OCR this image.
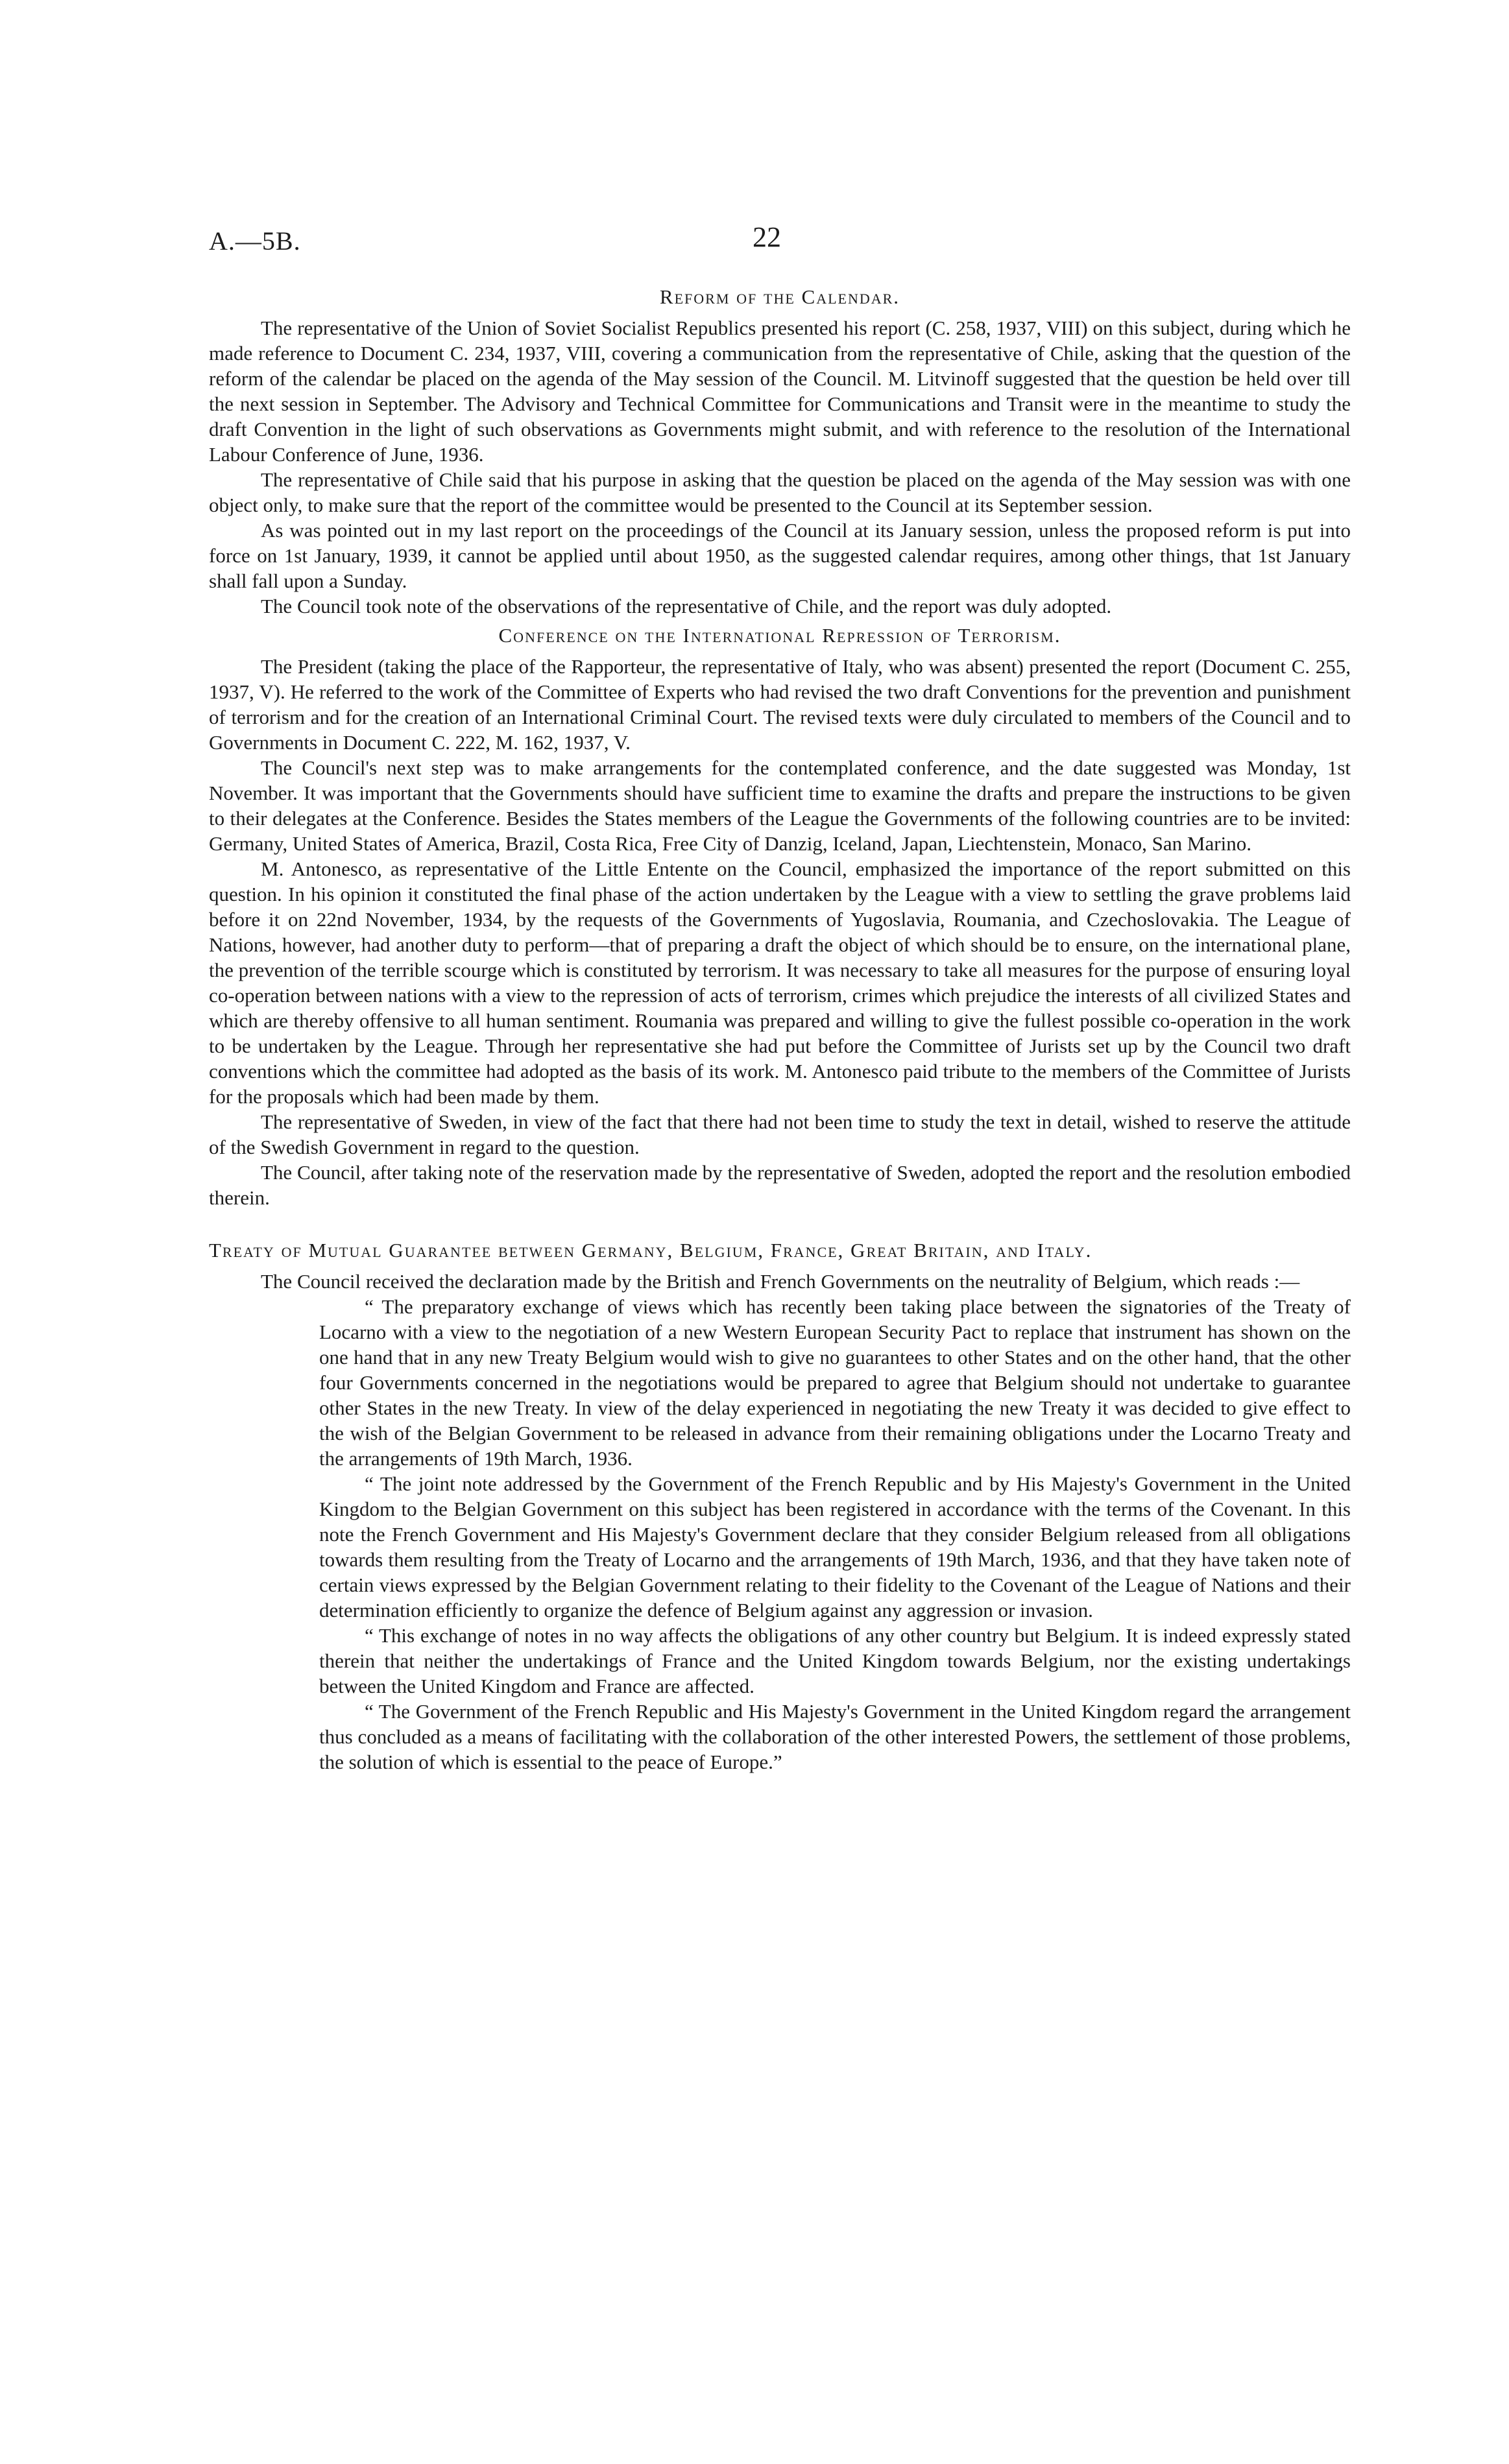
A.—5B.	22
Reform of the Calendar.

The representative of the Union of Soviet Socialist Republics presented his report (C. 258, 1937, VIII) on this subject, during which he made reference to Document C. 234, 1937, VIII, covering a communication from the representative of Chile, asking that the question of the reform of the calendar be placed on the agenda of the May session of the Council. M. Litvinoff suggested that the question be held over till the next session in September. The Advisory and Technical Committee for Communications and Transit were in the meantime to study the draft Convention in the light of such observations as Governments might submit, and with reference to the resolution of the International Labour Conference of June, 1936.

The representative of Chile said that his purpose in asking that the question be placed on the agenda of the May session was with one object only, to make sure that the report of the committee would be presented to the Council at its September session.

As was pointed out in my last report on the proceedings of the Council at its January session, unless the proposed reform is put into force on 1st January, 1939, it cannot be applied until about 1950, as the suggested calendar requires, among other things, that 1st January shall fall upon a Sunday.

The Council took note of the observations of the representative of Chile, and the report was duly adopted.

Conference on the International Repression of Terrorism.

The President (taking the place of the Rapporteur, the representative of Italy, who was absent) presented the report (Document C. 255, 1937, V). He referred to the work of the Committee of Experts who had revised the two draft Conventions for the prevention and punishment of terrorism and for the creation of an International Criminal Court. The revised texts were duly circulated to members of the Council and to Governments in Document C. 222, M. 162, 1937, V.

The Council's next step was to make arrangements for the contemplated conference, and the date suggested was Monday, 1st November. It was important that the Governments should have sufficient time to examine the drafts and prepare the instructions to be given to their delegates at the Conference. Besides the States members of the League the Governments of the following countries are to be invited: Germany, United States of America, Brazil, Costa Rica, Free City of Danzig, Iceland, Japan, Liechtenstein, Monaco, San Marino.

M. Antonesco, as representative of the Little Entente on the Council, emphasized the importance of the report submitted on this question. In his opinion it constituted the final phase of the action undertaken by the League with a view to settling the grave problems laid before it on 22nd November, 1934, by the requests of the Governments of Yugoslavia, Roumania, and Czechoslovakia. The League of Nations, however, had another duty to perform—that of preparing a draft the object of which should be to ensure, on the international plane, the prevention of the terrible scourge which is constituted by terrorism. It was necessary to take all measures for the purpose of ensuring loyal co-operation between nations with a view to the repression of acts of terrorism, crimes which prejudice the interests of all civilized States and which are thereby offensive to all human sentiment. Roumania was prepared and willing to give the fullest possible co-operation in the work to be undertaken by the League. Through her representative she had put before the Committee of Jurists set up by the Council two draft conventions which the committee had adopted as the basis of its work. M. Antonesco paid tribute to the members of the Committee of Jurists for the proposals which had been made by them.

The representative of Sweden, in view of the fact that there had not been time to study the text in detail, wished to reserve the attitude of the Swedish Government in regard to the question.

The Council, after taking note of the reservation made by the representative of Sweden, adopted the report and the resolution embodied therein.

Treaty of Mutual Guarantee between Germany, Belgium, France, Great Britain, and Italy.

The Council received the declaration made by the British and French Governments on the neutrality of Belgium, which reads :—

“ The preparatory exchange of views which has recently been taking place between the signatories of the Treaty of Locarno with a view to the negotiation of a new Western European Security Pact to replace that instrument has shown on the one hand that in any new Treaty Belgium would wish to give no guarantees to other States and on the other hand, that the other four Governments concerned in the negotiations would be prepared to agree that Belgium should not undertake to guarantee other States in the new Treaty. In view of the delay experienced in negotiating the new Treaty it was decided to give effect to the wish of the Belgian Government to be released in advance from their remaining obligations under the Locarno Treaty and the arrangements of 19th March, 1936.

“ The joint note addressed by the Government of the French Republic and by His Majesty's Government in the United Kingdom to the Belgian Government on this subject has been registered in accordance with the terms of the Covenant. In this note the French Government and His Majesty's Government declare that they consider Belgium released from all obligations towards them resulting from the Treaty of Locarno and the arrangements of 19th March, 1936, and that they have taken note of certain views expressed by the Belgian Government relating to their fidelity to the Covenant of the League of Nations and their determination efficiently to organize the defence of Belgium against any aggression or invasion.

“ This exchange of notes in no way affects the obligations of any other country but Belgium. It is indeed expressly stated therein that neither the undertakings of France and the United Kingdom towards Belgium, nor the existing undertakings between the United Kingdom and France are affected.

“ The Government of the French Republic and His Majesty's Government in the United Kingdom regard the arrangement thus concluded as a means of facilitating with the collaboration of the other interested Powers, the settlement of those problems, the solution of which is essential to the peace of Europe.”
